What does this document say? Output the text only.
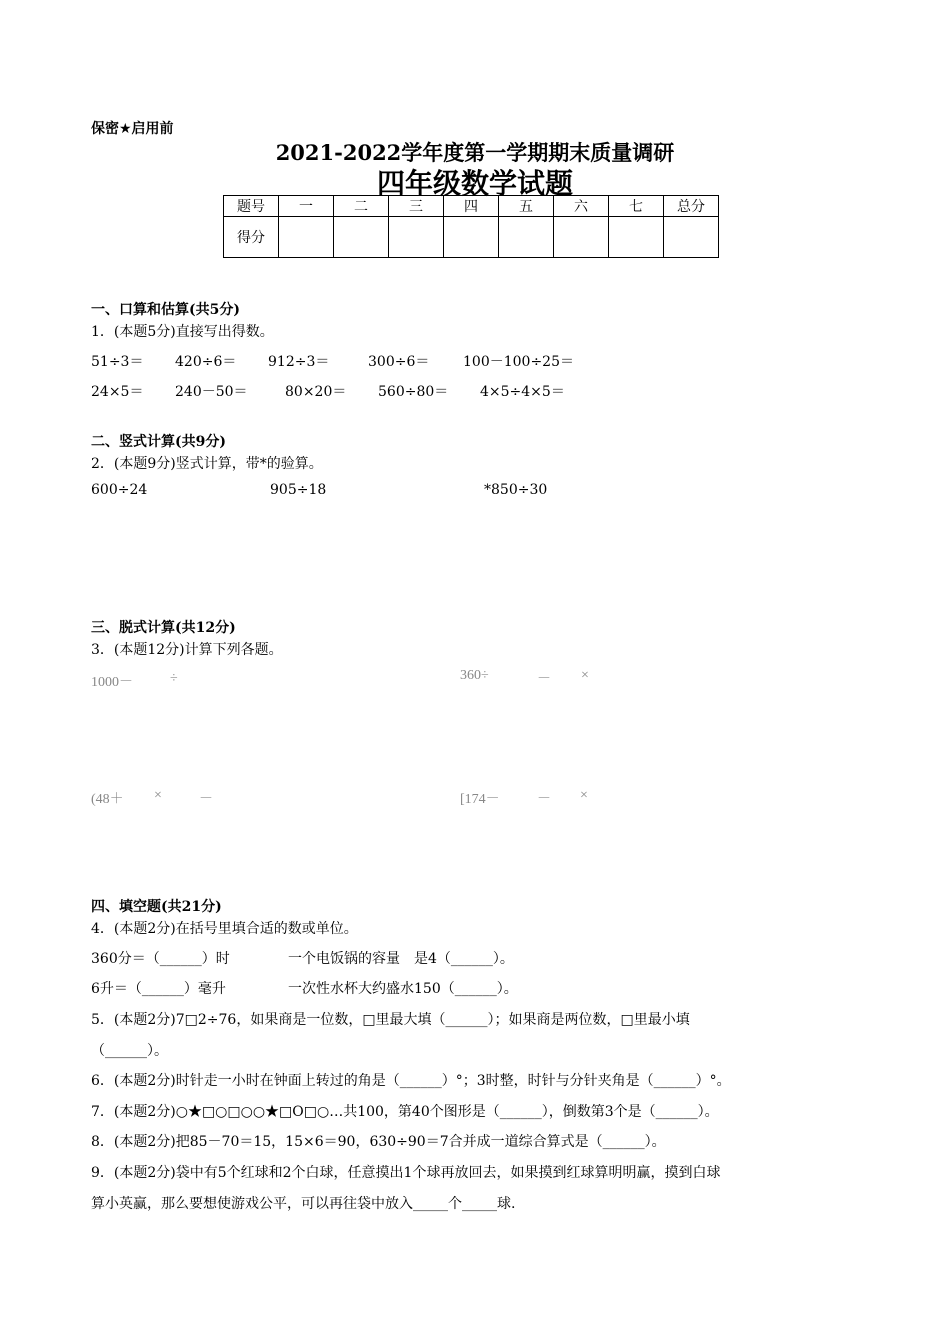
保密★启用前
2021-2022学年度第一学期期末质量调研
四年级数学试题
题号	一	二	三	四	五	六	七	总分
得分								
一、口算和估算(共5分)
1．(本题5分)直接写出得数。
51÷3＝ 420÷6＝ 912÷3＝	300÷6＝ 100－100÷25＝
24×5＝ 240－50＝	80×20＝ 560÷80＝ 4×5÷4×5＝
二、竖式计算(共9分)
2．(本题9分)竖式计算，带*的验算。
600÷24	905÷18	*850÷30
三、脱式计算(共12分)
3．(本题12分)计算下列各题。
1000－	÷	360÷	－ ×
(48＋ ×	－	[174－	－ ×
四、填空题(共21分)
4．(本题2分)在括号里填合适的数或单位。
360分＝（______）时	一个电饭锅的容量　是4（______）。
6升＝（______）毫升	一次性水杯大约盛水150（______）。
5．(本题2分)7□2÷76，如果商是一位数，□里最大填（______）；如果商是两位数，□里最小填
（______）。
6．(本题2分)时针走一小时在钟面上转过的角是（______）°；3时整，时针与分针夹角是（______）°。
7．(本题2分)○★□○□○○★□O□○…共100，第40个图形是（______），倒数第3个是（______）。
8．(本题2分)把85－70＝15，15×6＝90，630÷90＝7合并成一道综合算式是（______）。
9．(本题2分)袋中有5个红球和2个白球，任意摸出1个球再放回去，如果摸到红球算明明赢，摸到白球
算小英赢，那么要想使游戏公平，可以再往袋中放入_____个_____球.
